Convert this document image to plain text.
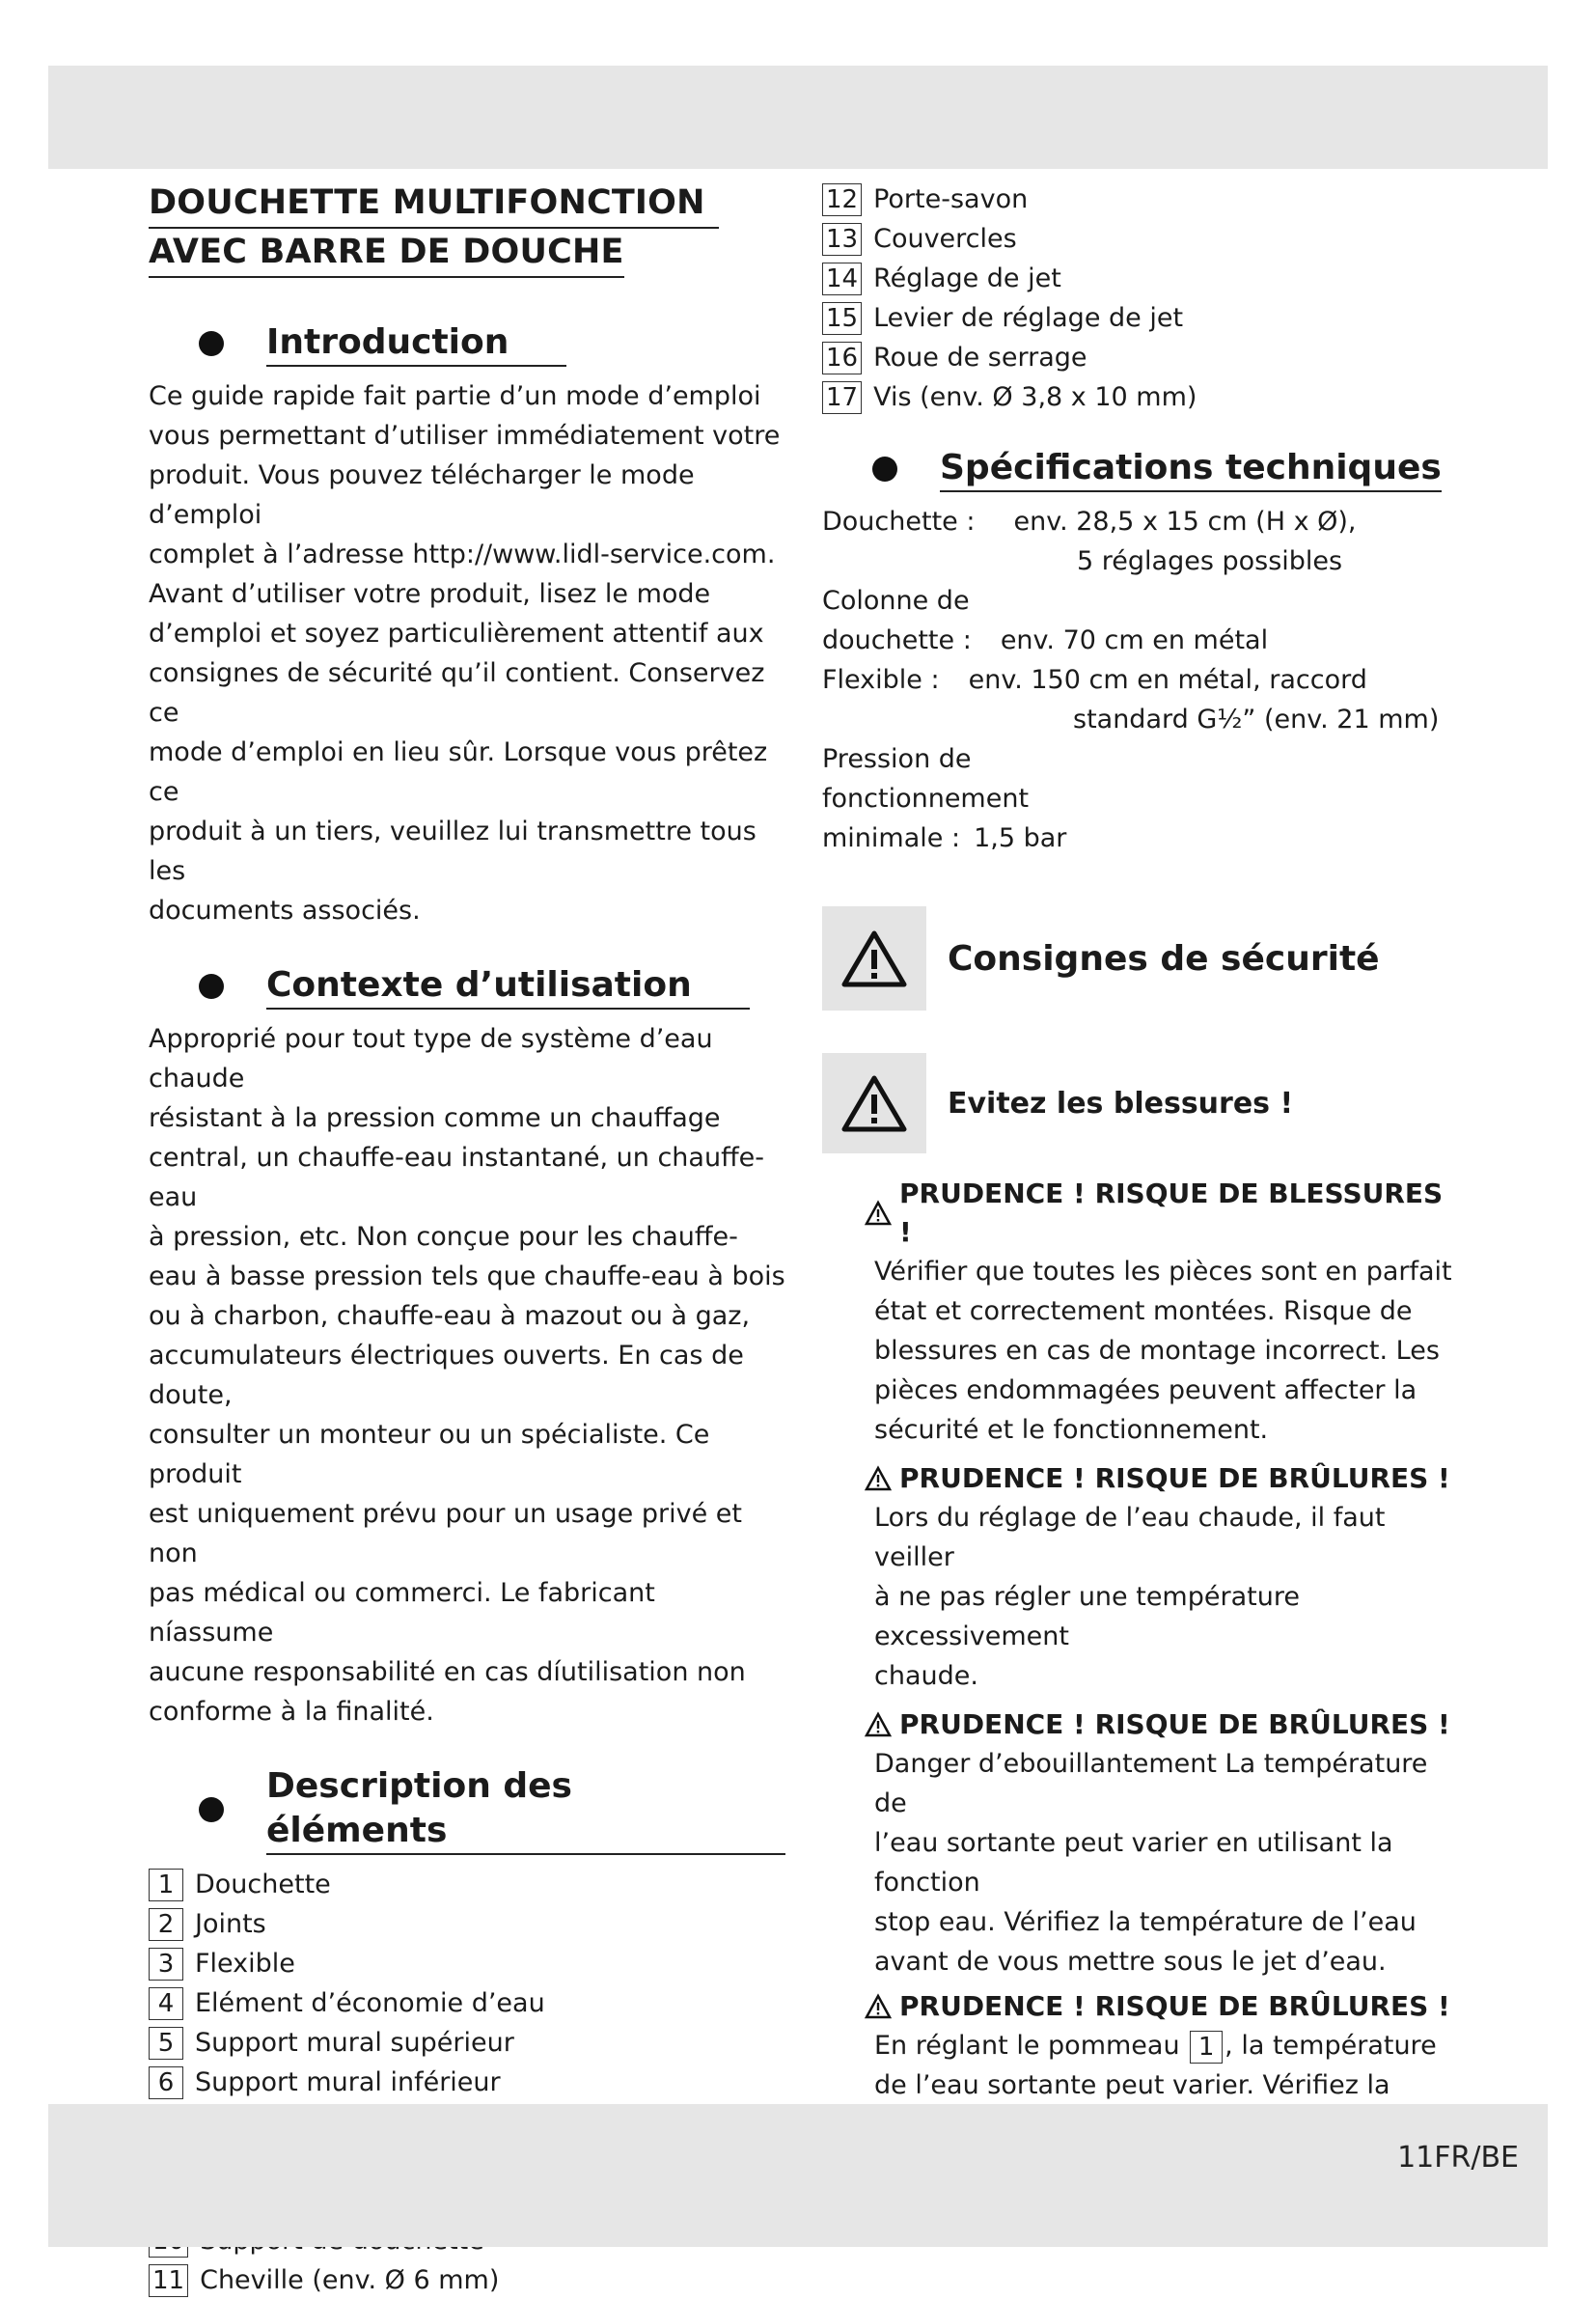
DOUCHETTE MULTIFONCTION
AVEC BARRE DE DOUCHE
Introduction
Ce guide rapide fait partie d’un mode d’emploi
vous permettant d’utiliser immédiatement votre
produit. Vous pouvez télécharger le mode d’emploi
complet à l’adresse http://www.lidl-service.com.
Avant d’utiliser votre produit, lisez le mode
d’emploi et soyez particulièrement attentif aux
consignes de sécurité qu’il contient. Conservez ce
mode d’emploi en lieu sûr. Lorsque vous prêtez ce
produit à un tiers, veuillez lui transmettre tous les
documents associés.
Contexte d’utilisation
Approprié pour tout type de système d’eau chaude
résistant à la pression comme un chauffage
central, un chauffe-eau instantané, un chauffe-eau
à pression, etc. Non conçue pour les chauffe-
eau à basse pression tels que chauffe-eau à bois
ou à charbon, chauffe-eau à mazout ou à gaz,
accumulateurs électriques ouverts. En cas de doute,
consulter un monteur ou un spécialiste. Ce produit
est uniquement prévu pour un usage privé et non
pas médical ou commerci. Le fabricant níassume
aucune responsabilité en cas díutilisation non
conforme à la finalité.
Description des éléments
1 Douchette
2 Joints
3 Flexible
4 Elément d’économie d’eau
5 Support mural supérieur
6 Support mural inférieur
11 Cheville (env. Ø 6 mm)
12 Porte-savon
13 Couvercles
14 Réglage de jet
15 Levier de réglage de jet
16 Roue de serrage
17 Vis (env. Ø 3,8 x 10 mm)
Spécifications techniques
Douchette : env. 28,5 x 15 cm (H x Ø),
5 réglages possibles
Colonne de
douchette : env. 70 cm en métal
Flexible : env. 150 cm en métal, raccord
standard G½” (env. 21 mm)
Pression de
fonctionnement
minimale : 1,5 bar
Consignes de sécurité
Evitez les blessures !
PRUDENCE ! RISQUE DE BLESSURES !
Vérifier que toutes les pièces sont en parfait
état et correctement montées. Risque de
blessures en cas de montage incorrect. Les
pièces endommagées peuvent affecter la
sécurité et le fonctionnement.
PRUDENCE ! RISQUE DE BRÛLURES !
Lors du réglage de l’eau chaude, il faut veiller
à ne pas régler une température excessivement
chaude.
PRUDENCE ! RISQUE DE BRÛLURES !
Danger d’ebouillantement La température de
l’eau sortante peut varier en utilisant la fonction
stop eau. Vérifiez la température de l’eau
avant de vous mettre sous le jet d’eau.
PRUDENCE ! RISQUE DE BRÛLURES !
En réglant le pommeau 1 , la température
de l’eau sortante peut varier. Vérifiez la
11FR/BE
